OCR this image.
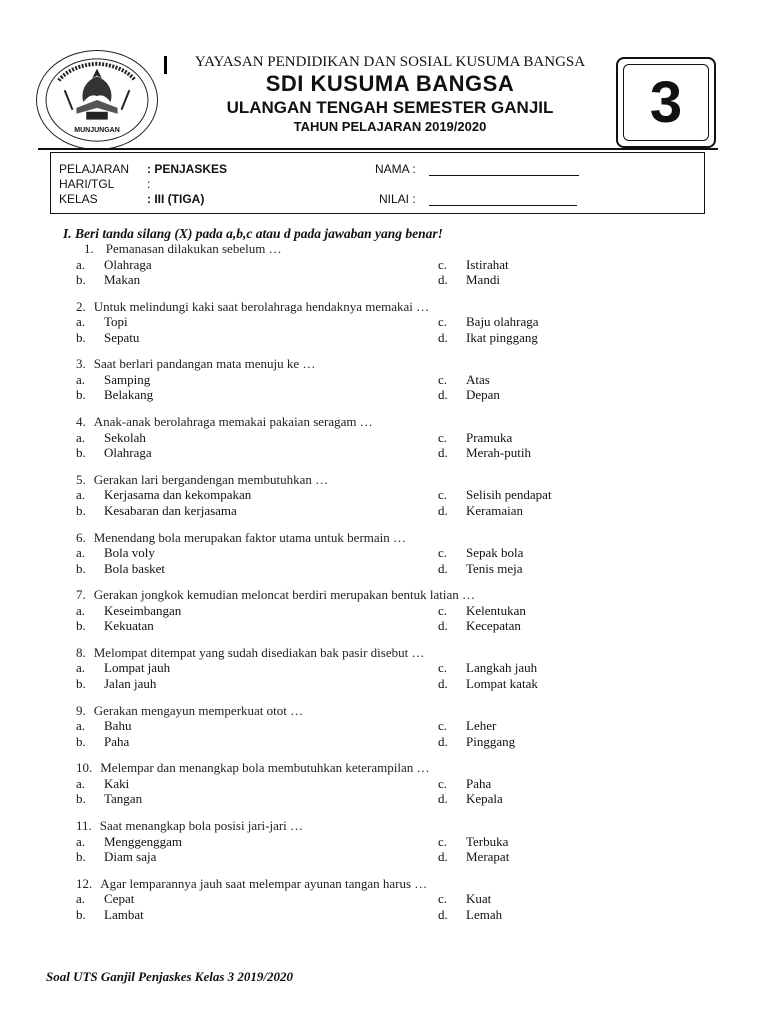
MUNJUNGAN
YAYASAN PENDIDIKAN DAN SOSIAL KUSUMA BANGSA
SDI KUSUMA BANGSA
ULANGAN TENGAH SEMESTER GANJIL
TAHUN PELAJARAN 2019/2020	3
PELAJARAN : PENJASKES
HARI/TGL	:
KELAS	: III (TIGA)
NAMA :
NILAI :
I. Beri tanda silang (X) pada a,b,c atau d pada jawaban yang benar!
1. Pemanasan dilakukan sebelum …
a. Olahraga	c. Istirahat
b. Makan	d. Mandi
2. Untuk melindungi kaki saat berolahraga hendaknya memakai …
a. Topi	c. Baju olahraga
b. Sepatu	d. Ikat pinggang
3. Saat berlari pandangan mata menuju ke …
a. Samping	c. Atas
b. Belakang	d. Depan
4. Anak-anak berolahraga memakai pakaian seragam …
a. Sekolah	c. Pramuka
b. Olahraga	d. Merah-putih
5. Gerakan lari bergandengan membutuhkan …
a. Kerjasama dan kekompakan	c. Selisih pendapat
b. Kesabaran dan kerjasama	d. Keramaian
6. Menendang bola merupakan faktor utama untuk bermain …
a. Bola voly	c. Sepak bola
b. Bola basket	d. Tenis meja
7. Gerakan jongkok kemudian meloncat berdiri merupakan bentuk latian …
a. Keseimbangan	c. Kelentukan
b. Kekuatan	d. Kecepatan
8. Melompat ditempat yang sudah disediakan bak pasir disebut …
a. Lompat jauh	c. Langkah jauh
b. Jalan jauh	d. Lompat katak
9. Gerakan mengayun memperkuat otot …
a. Bahu	c. Leher
b. Paha	d. Pinggang
10. Melempar dan menangkap bola membutuhkan keterampilan …
a. Kaki	c. Paha
b. Tangan	d. Kepala
11. Saat menangkap bola posisi jari-jari …
a. Menggenggam	c. Terbuka
b. Diam saja	d. Merapat
12. Agar lemparannya jauh saat melempar ayunan tangan harus …
a. Cepat	c. Kuat
b. Lambat	d. Lemah
Soal UTS Ganjil Penjaskes Kelas 3 2019/2020
